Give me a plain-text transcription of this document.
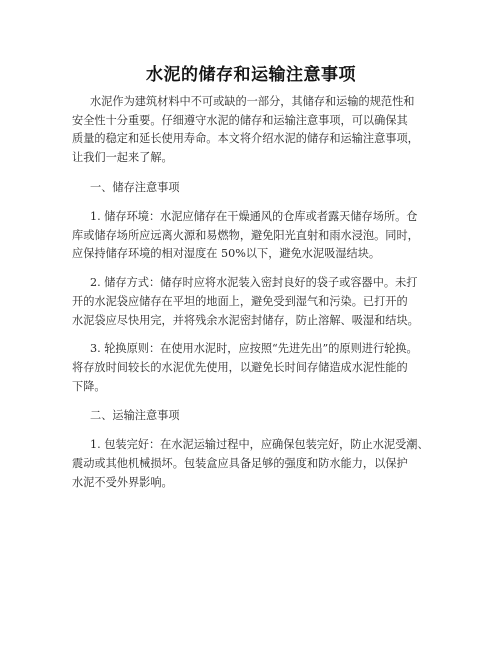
水泥的储存和运输注意事项
水泥作为建筑材料中不可或缺的一部分，其储存和运输的规范性和
安全性十分重要。仔细遵守水泥的储存和运输注意事项，可以确保其
质量的稳定和延长使用寿命。本文将介绍水泥的储存和运输注意事项，
让我们一起来了解。
一、储存注意事项
1. 储存环境：水泥应储存在干燥通风的仓库或者露天储存场所。仓
库或储存场所应远离火源和易燃物，避免阳光直射和雨水浸泡。同时，
应保持储存环境的相对湿度在 50%以下，避免水泥吸湿结块。
2. 储存方式：储存时应将水泥装入密封良好的袋子或容器中。未打
开的水泥袋应储存在平坦的地面上，避免受到湿气和污染。已打开的
水泥袋应尽快用完，并将残余水泥密封储存，防止溶解、吸湿和结块。
3. 轮换原则：在使用水泥时，应按照“先进先出”的原则进行轮换。
将存放时间较长的水泥优先使用，以避免长时间存储造成水泥性能的
下降。
二、运输注意事项
1. 包装完好：在水泥运输过程中，应确保包装完好，防止水泥受潮、
震动或其他机械损坏。包装盒应具备足够的强度和防水能力，以保护
水泥不受外界影响。
